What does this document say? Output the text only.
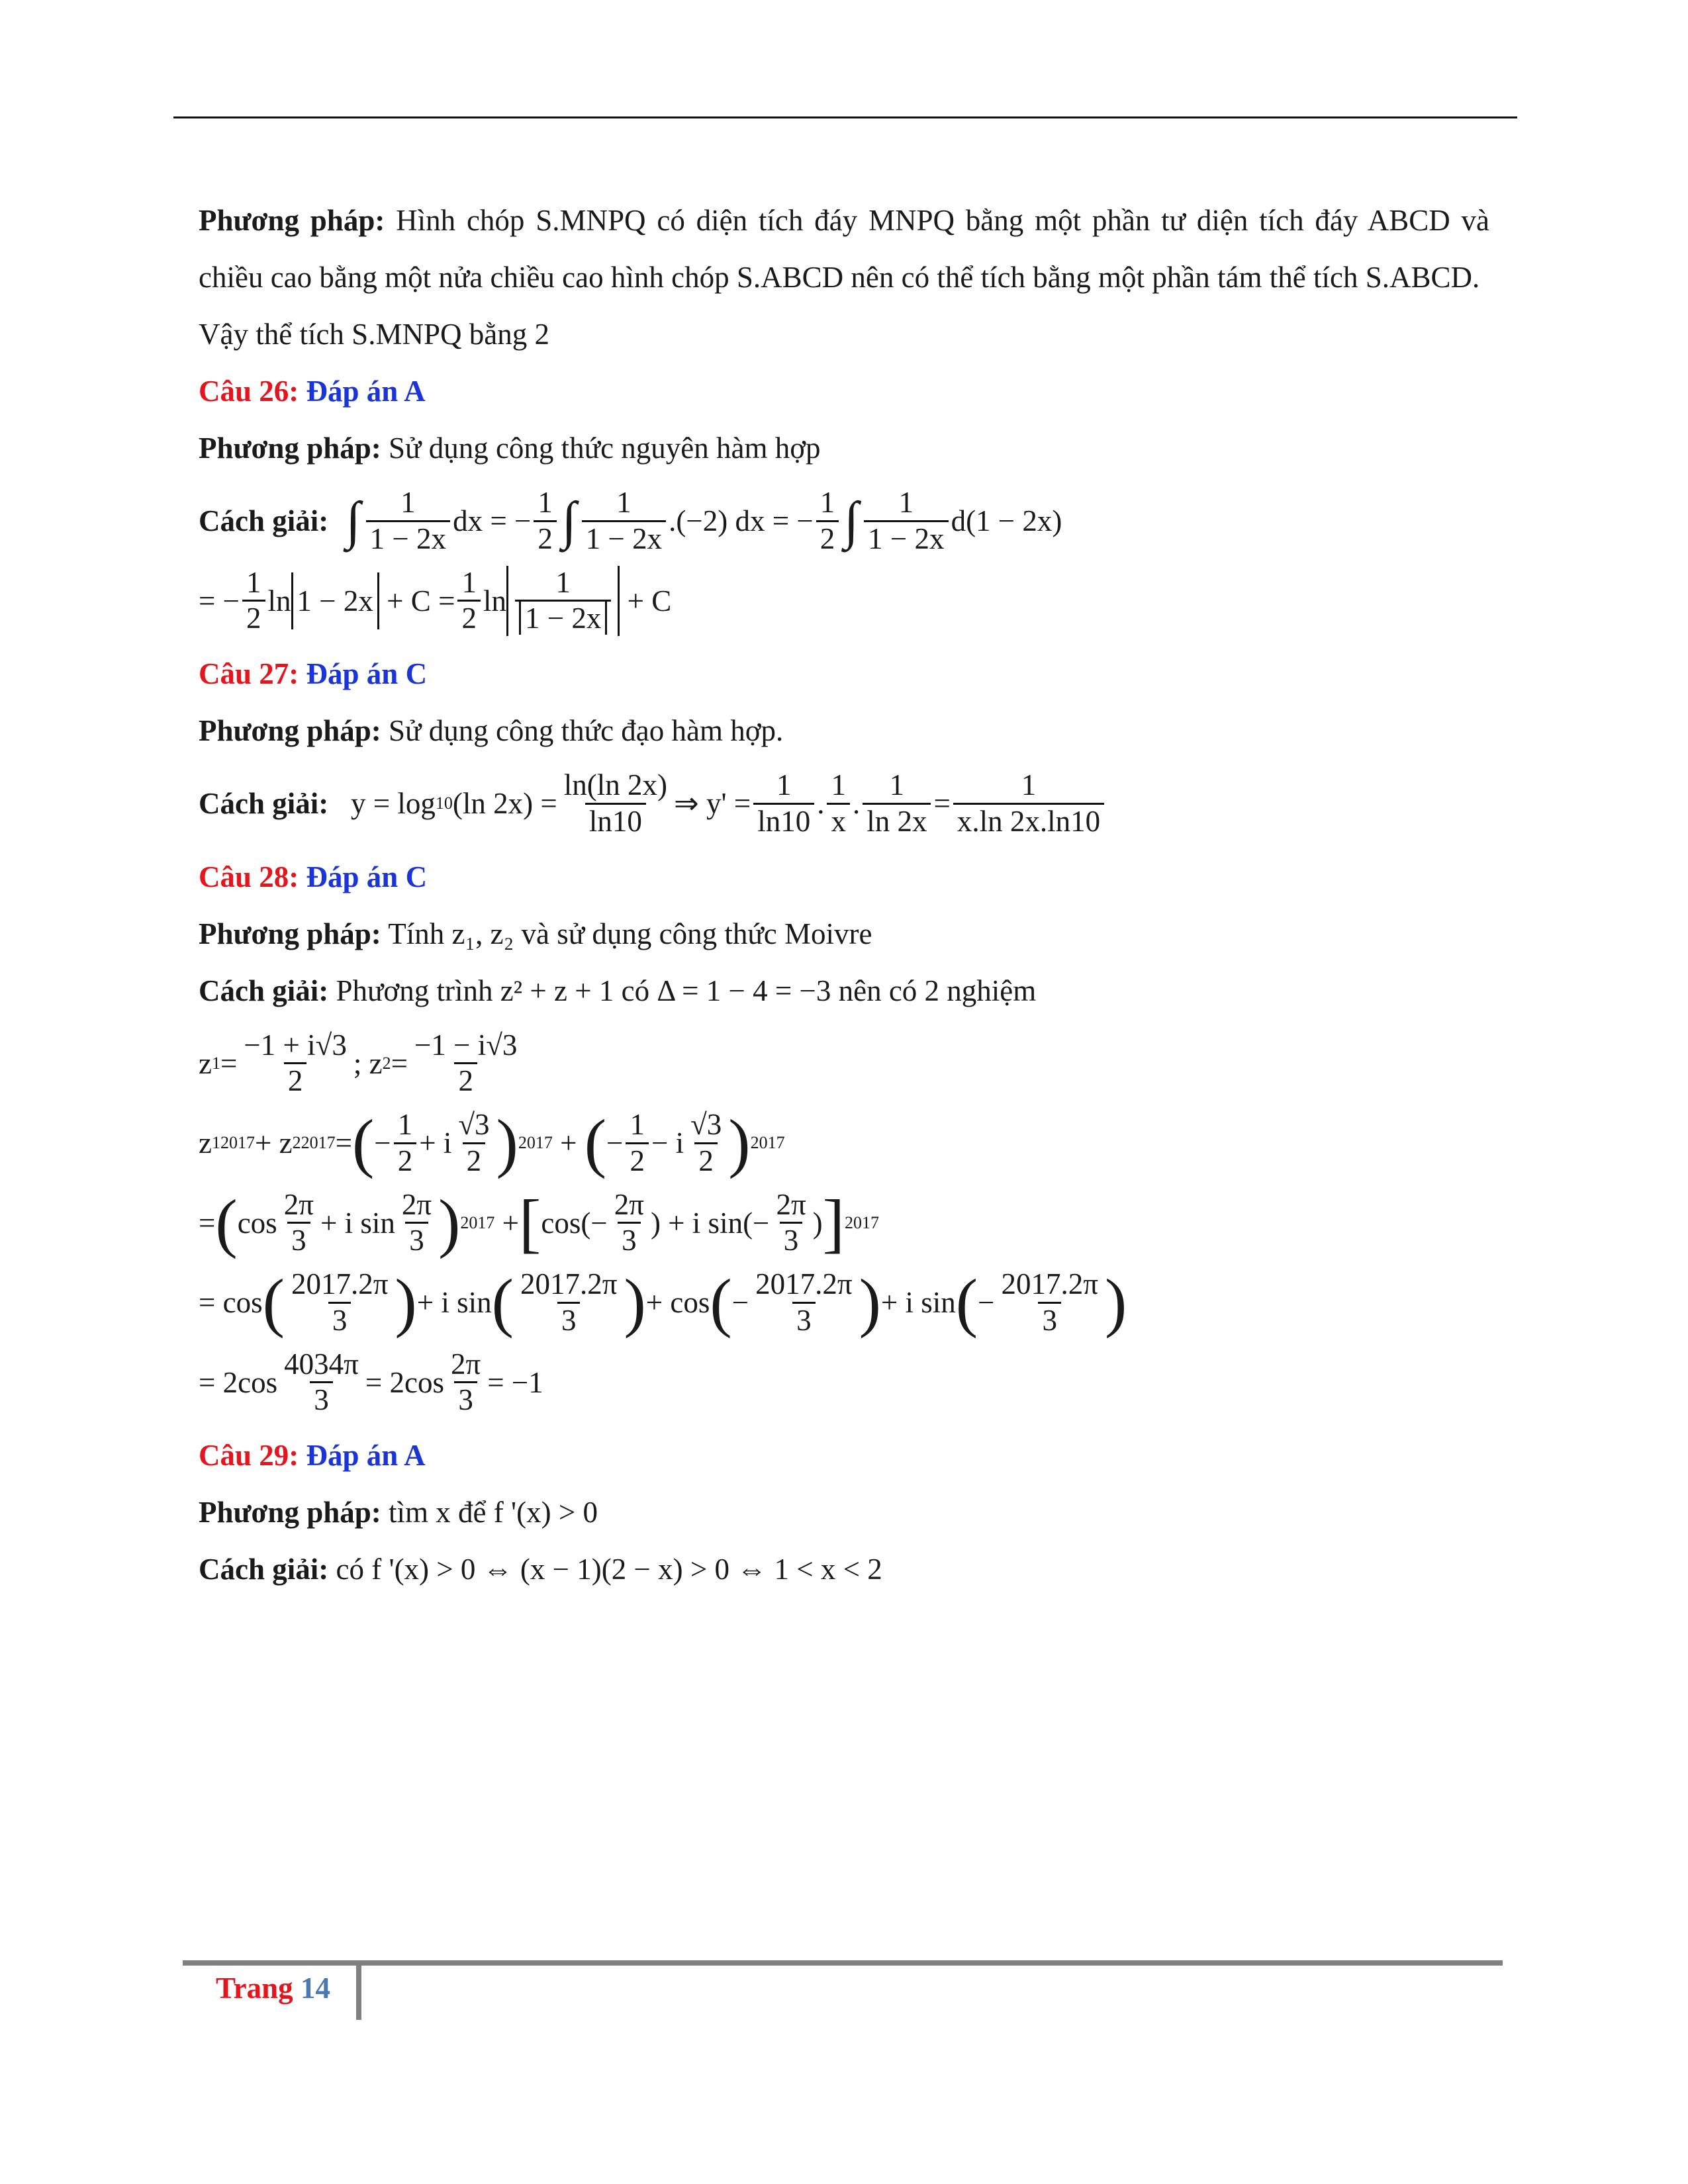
Phương pháp: Hình chóp S.MNPQ có diện tích đáy MNPQ bằng một phần tư diện tích đáy ABCD và chiều cao bằng một nửa chiều cao hình chóp S.ABCD nên có thể tích bằng một phần tám thể tích S.ABCD.
Vậy thể tích S.MNPQ bằng 2
Câu 26: Đáp án A
Phương pháp: Sử dụng công thức nguyên hàm hợp
Cách giải:
∫ $\frac{1}{1 - 2x}$ dx = − $\frac{1}{2}$ ∫ $\frac{1}{1 - 2x} .(-2)$ dx = − $\frac{1}{2}$ ∫ $\frac{1}{1 - 2x} d(1 - 2x)$
= − $\frac{1}{2}$ $\ln 1 - 2x + C = \frac{1}{2}$ $\ln \frac{1}{1 - 2x} + C$
Câu 27: Đáp án C
Phương pháp: Sử dụng công thức đạo hàm hợp.
Cách giải: y = log 10 (ln $2x) = \frac{\ln(\ln 2x)}{\ln 10}$ ⇒ $y' = \frac{1}{\ln 10}$ . $\frac{1}{x}$ . $\frac{1}{\ln 2x} = \frac{1}{x.\ln 2x.\ln 10}$
Câu 28: Đáp án C
Phương pháp: Tính z₁, z₂ và sử dụng công thức Moivre
Cách giải: Phương trình z² + z + 1 có Δ = 1 − 4 = −3 nên có 2 nghiệm
z $1 = \frac{-1 + i√3}{2}$ ; z $2 = \frac{-1 - i√3}{2}$
z 1 2017 + z 2 2017 = ( − $\frac{1}{2} + i \frac{√3}{2}$ ) 2017 + ( − $\frac{1}{2} - i \frac{√3}{2}$ ) 2017
= ( $\cos \frac{2\pi}{3} + i$ $\sin \frac{2\pi}{3}$ ) 2017 + [ $\cos(- \frac{2\pi}{3}$ ) + i $\sin(- \frac{2\pi}{3}$ ) ] 2017
= cos ( $\frac{2017.2\pi}{3}$ ) + i sin ( $\frac{2017.2\pi}{3}$ ) + cos ( − $\frac{2017.2\pi}{3}$ ) + i sin ( − $\frac{2017.2\pi}{3}$ )
= $2\cos \frac{4034\pi}{3} = 2\cos \frac{2\pi}{3} = -1$
Câu 29: Đáp án A
Phương pháp: tìm x để f '(x) > 0
Cách giải: có f '(x) > 0 ⇔ (x − 1)(2 − x) > 0 ⇔ 1 < x < 2
Trang 14
